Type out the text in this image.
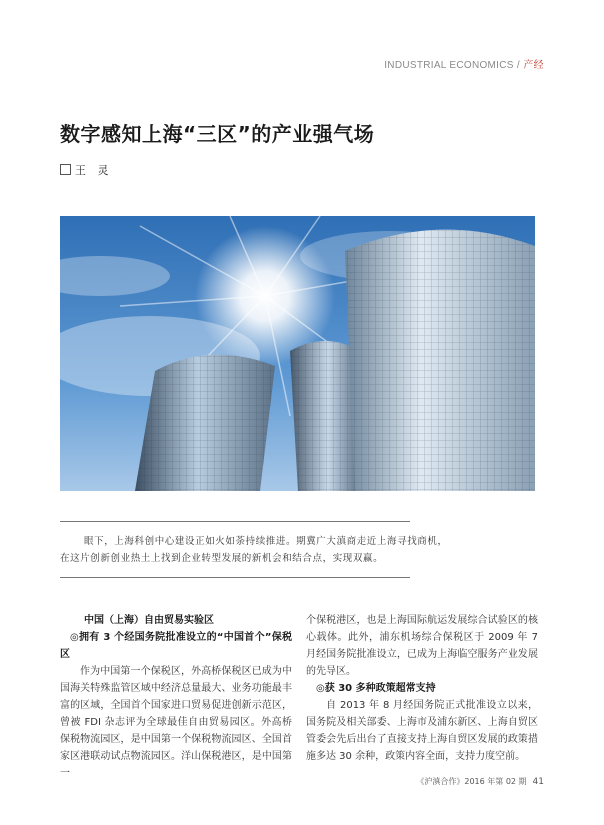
INDUSTRIAL ECONOMICS / 产经
数字感知上海“三区”的产业强气场
王 灵

眼下，上海科创中心建设正如火如荼持续推进。期冀广大滇商走近上海寻找商机，

在这片创新创业热土上找到企业转型发展的新机会和结合点，实现双赢。

中国（上海）自由贸易实验区

◎拥有 3 个经国务院批准设立的“中国首个”保税区

作为中国第一个保税区，外高桥保税区已成为中国海关特殊监管区域中经济总量最大、业务功能最丰富的区域，全国首个国家进口贸易促进创新示范区，曾被 FDI 杂志评为全球最佳自由贸易园区。外高桥保税物流园区，是中国第一个保税物流园区、全国首家区港联动试点物流园区。洋山保税港区，是中国第一

个保税港区，也是上海国际航运发展综合试验区的核心载体。此外，浦东机场综合保税区于 2009 年 7 月经国务院批准设立，已成为上海临空服务产业发展的先导区。

◎获 30 多种政策超常支持

自 2013 年 8 月经国务院正式批准设立以来，国务院及相关部委、上海市及浦东新区、上海自贸区管委会先后出台了直接支持上海自贸区发展的政策措施多达 30 余种，政策内容全面，支持力度空前。

《沪滇合作》2016 年第 02 期 41
